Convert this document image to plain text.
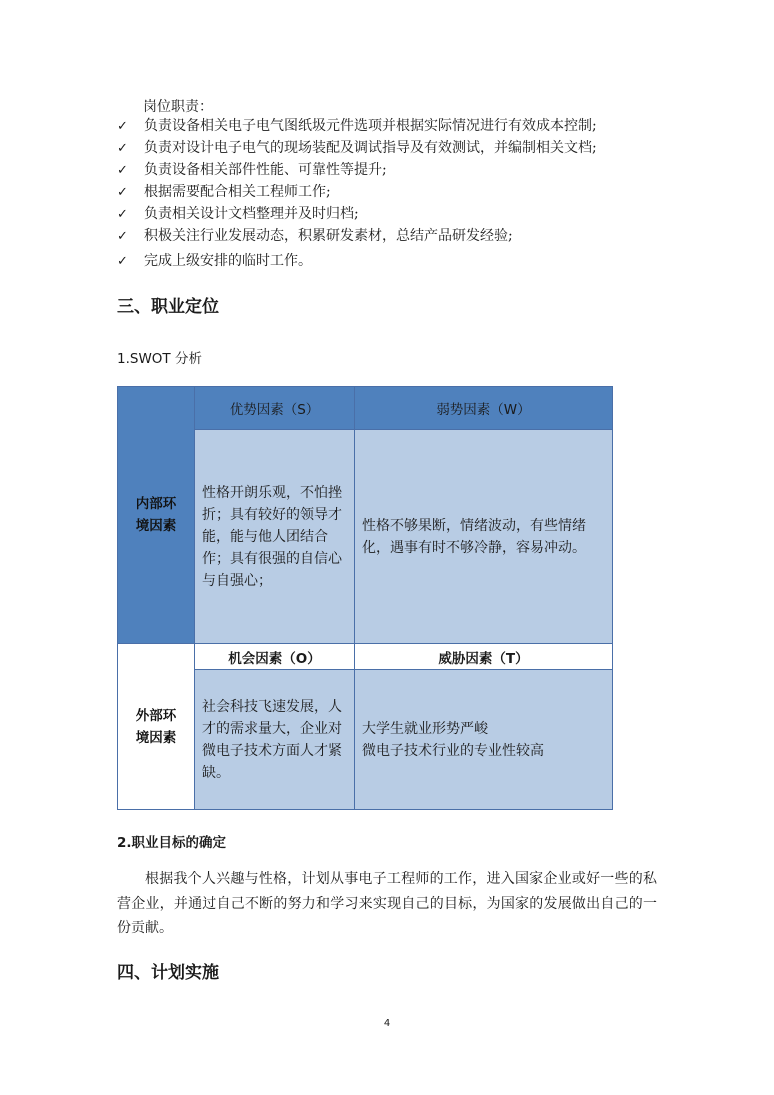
岗位职责：
✓ 负责设备相关电子电气图纸圾元件选项并根据实际情况进行有效成本控制;
✓ 负责对设计电子电气的现场装配及调试指导及有效测试，并编制相关文档;
✓ 负责设备相关部件性能、可靠性等提升;
✓ 根据需要配合相关工程师工作;
✓ 负责相关设计文档整理并及时归档;
✓ 积极关注行业发展动态，积累研发素材，总结产品研发经验;
✓ 完成上级安排的临时工作。
三、职业定位
1.SWOT 分析
内部环境因素	优势因素（S）	弱势因素（W）
	性格开朗乐观，不怕挫折；具有较好的领导才能，能与他人团结合作；具有很强的自信心与自强心；	性格不够果断，情绪波动，有些情绪化，遇事有时不够冷静，容易冲动。

外部环境因素	机会因素（O）	威胁因素（T）
	社会科技飞速发展，人才的需求量大，企业对微电子技术方面人才紧缺。	大学生就业形势严峻
微电子技术行业的专业性较高
2.职业目标的确定
根据我个人兴趣与性格，计划从事电子工程师的工作，进入国家企业或好一些的私营企业，并通过自己不断的努力和学习来实现自己的目标，为国家的发展做出自己的一份贡献。
四、计划实施
4
